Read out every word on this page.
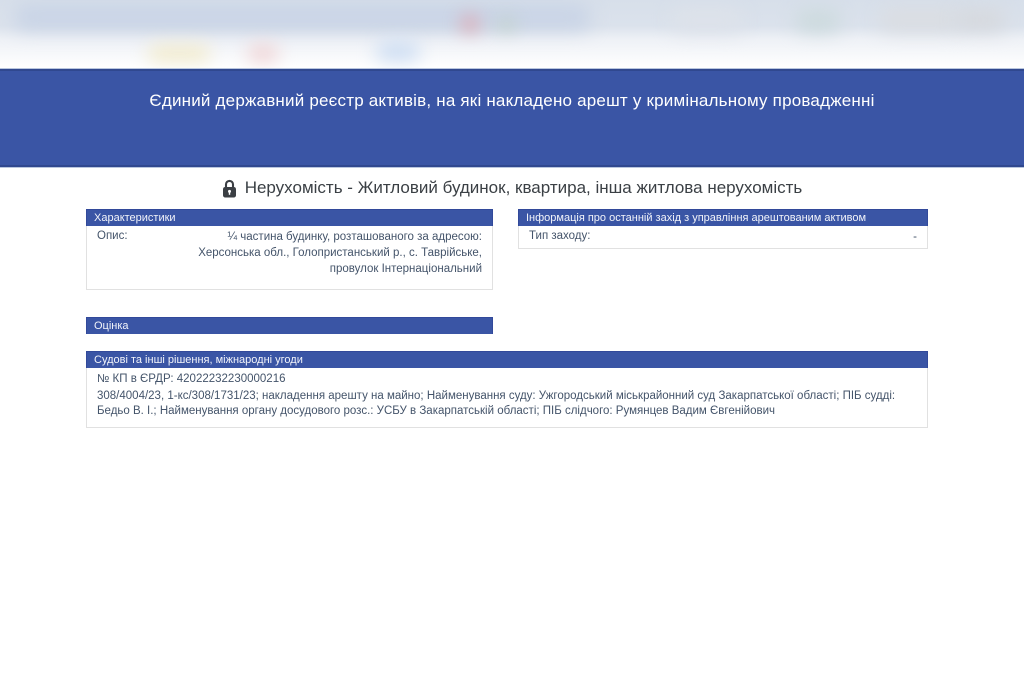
Єдиний державний реєстр активів, на які накладено арешт у кримінальному провадженні
Нерухомість - Житловий будинок, квартира, інша житлова нерухомість
Характеристики
Опис:	¼ частина будинку, розташованого за адресою: Херсонська обл., Голопристанський р., с. Таврійське, провулок Інтернаціональний
Інформація про останній захід з управління арештованим активом
Тип заходу:	-
Оцінка
Судові та інші рішення, міжнародні угоди

№ КП в ЄРДР: 42022232230000216

308/4004/23, 1-кс/308/1731/23; накладення арешту на майно; Найменування суду: Ужгородський міськрайонний суд Закарпатської області; ПІБ судді: Бедьо В. І.; Найменування органу досудового розс.: УСБУ в Закарпатській області; ПІБ слідчого: Румянцев Вадим Євгенійович
